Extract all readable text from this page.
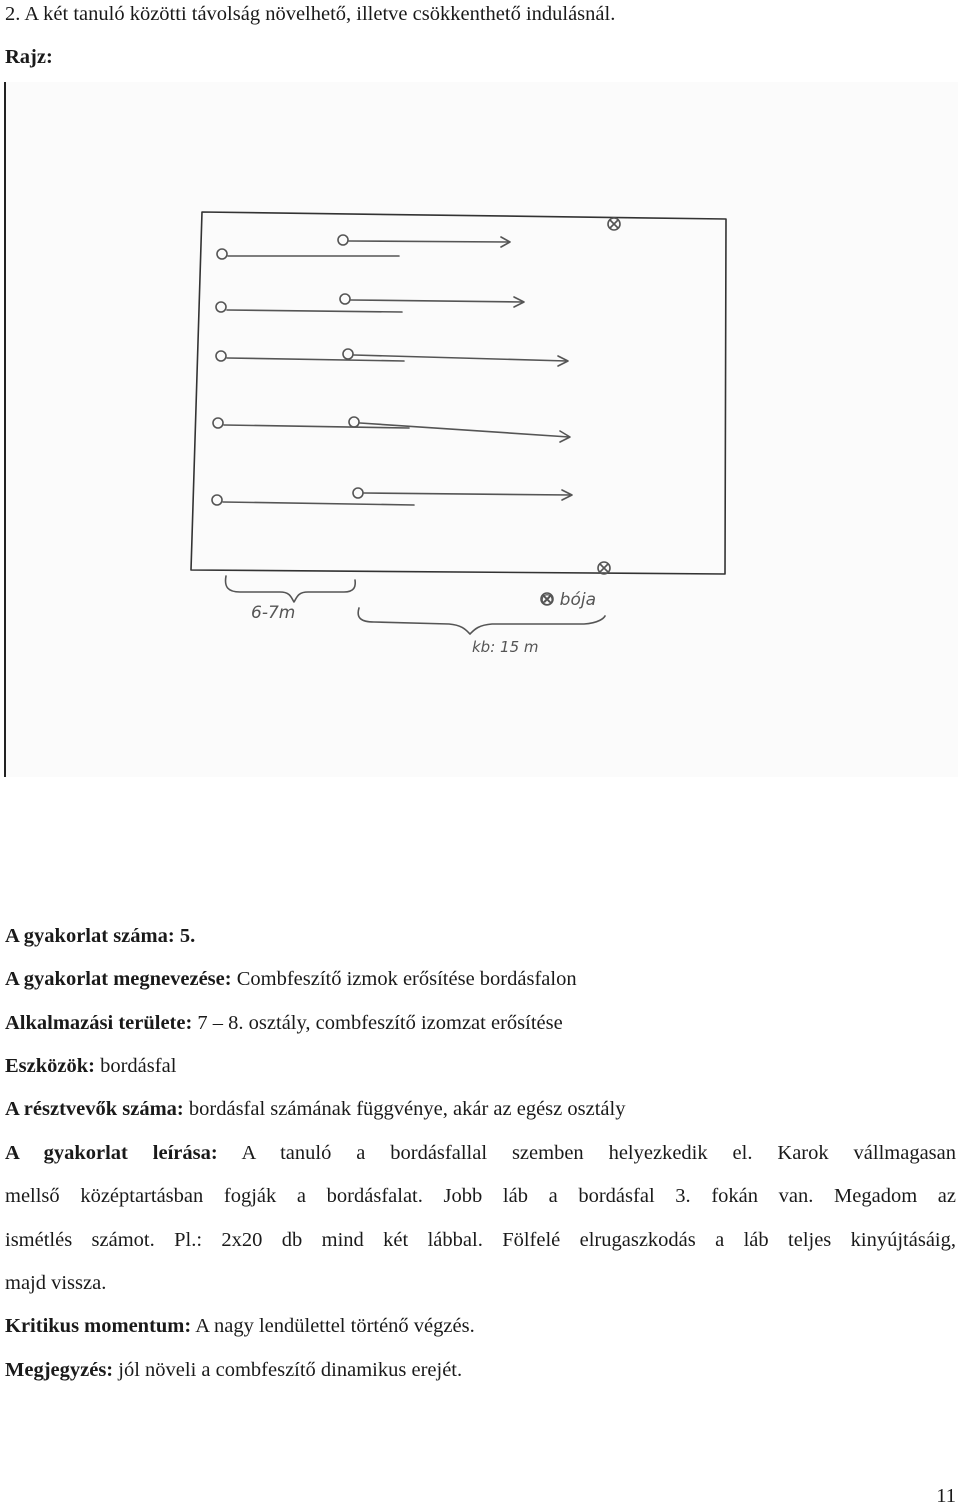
2. A két tanuló közötti távolság növelhető, illetve csökkenthető indulásnál.
Rajz:
6-7m
⊗ bója
kb: 15 m
A gyakorlat száma: 5.
A gyakorlat megnevezése: Combfeszítő izmok erősítése bordásfalon
Alkalmazási területe: 7 – 8. osztály, combfeszítő izomzat erősítése
Eszközök: bordásfal
A résztvevők száma: bordásfal számának függvénye, akár az egész osztály
A gyakorlat leírása: A tanuló a bordásfallal szemben helyezkedik el. Karok vállmagasan
mellső középtartásban fogják a bordásfalat. Jobb láb a bordásfal 3. fokán van. Megadom az
ismétlés számot. Pl.: 2x20 db mind két lábbal. Fölfelé elrugaszkodás a láb teljes kinyújtásáig,
majd vissza.
Kritikus momentum: A nagy lendülettel történő végzés.
Megjegyzés: jól növeli a combfeszítő dinamikus erejét.
11
